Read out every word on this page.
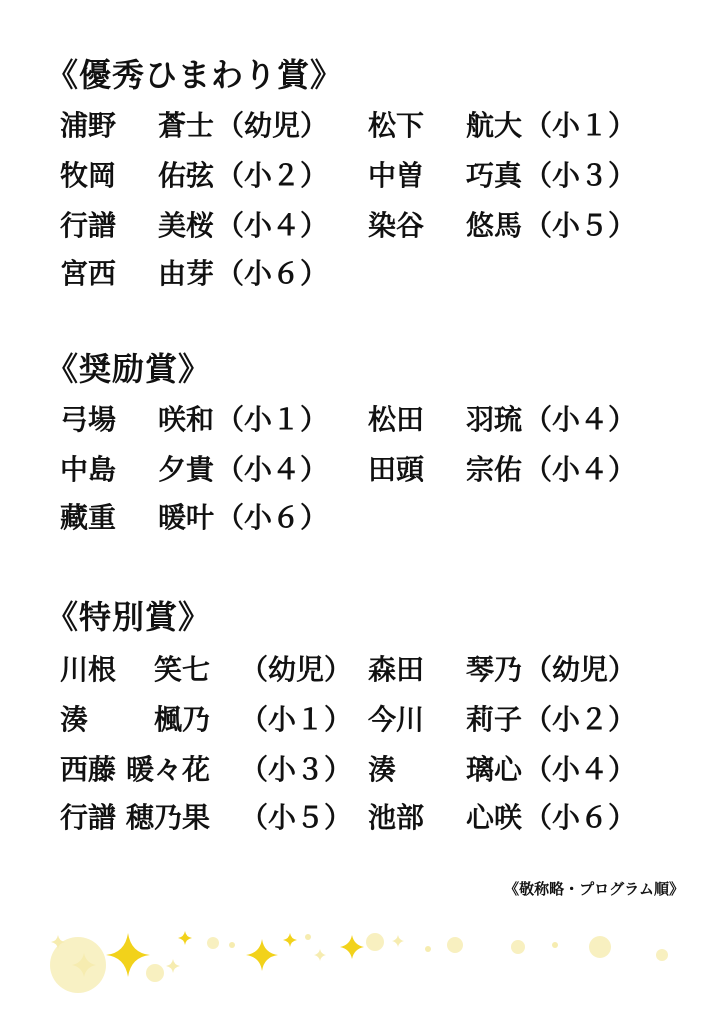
《優秀ひまわり賞》
浦野 蒼士 （幼児） 松下 航大 （小１）
牧岡 佑弦 （小２） 中曽 巧真 （小３）
行譜 美桜 （小４） 染谷 悠馬 （小５）
宮西 由芽 （小６）
《奨励賞》
弓場 咲和 （小１） 松田 羽琉 （小４）
中島 夕貴 （小４） 田頭 宗佑 （小４）
藏重 暖叶 （小６）
《特別賞》
川根 笑七 （幼児） 森田 琴乃 （幼児）
湊 楓乃 （小１） 今川 莉子 （小２）
西藤 暖々花 （小３） 湊 璃心 （小４）
行譜 穂乃果 （小５） 池部 心咲 （小６）
《敬称略・プログラム順》
